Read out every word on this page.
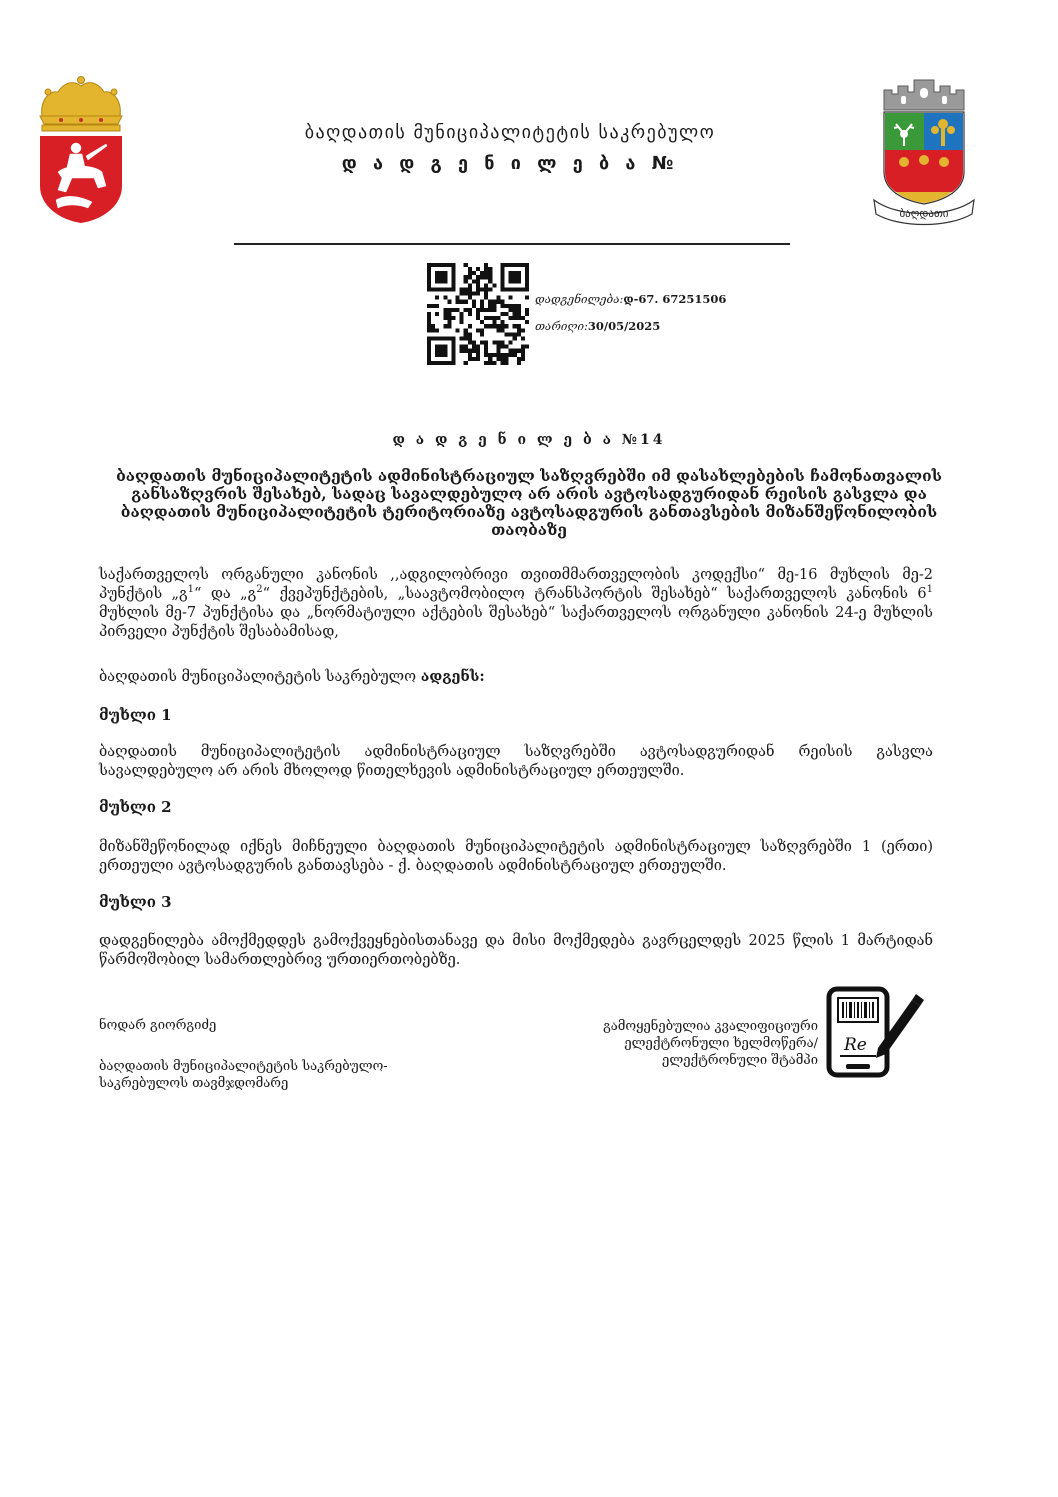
ბაღდათის მუნიციპალიტეტის საკრებულო
დ ა დ გ ე ნ ი ლ ე ბ ა №
ბაღდათი
დადგენილება:დ-67. 67251506
თარიღი:30/05/2025
დ ა დ გ ე ნ ი ლ ე ბ ა №14
ბაღდათის მუნიციპალიტეტის ადმინისტრაციულ საზღვრებში იმ დასახლებების ჩამონათვალის განსაზღვრის შესახებ, სადაც სავალდებულო არ არის ავტოსადგურიდან რეისის გასვლა და ბაღდათის მუნიციპალიტეტის ტერიტორიაზე ავტოსადგურის განთავსების მიზანშეწონილობის თაობაზე
საქართველოს ორგანული კანონის ,,ადგილობრივი თვითმმართველობის კოდექსი“ მე-16 მუხლის მე-2 პუნქტის „გ$^1$“ და „გ$^2$“ ქვეპუნქტების, „საავტომობილო ტრანსპორტის შესახებ“ საქართველოს კანონის $6^1$ მუხლის მე-7 პუნქტისა და „ნორმატიული აქტების შესახებ“ საქართველოს ორგანული კანონის 24-ე მუხლის პირველი პუნქტის შესაბამისად,
ბაღდათის მუნიციპალიტეტის საკრებულო ადგენს:
მუხლი 1
ბაღდათის მუნიციპალიტეტის ადმინისტრაციულ საზღვრებში ავტოსადგურიდან რეისის გასვლა სავალდებულო არ არის მხოლოდ წითელხევის ადმინისტრაციულ ერთეულში.
მუხლი 2
მიზანშეწონილად იქნეს მიჩნეული ბაღდათის მუნიციპალიტეტის ადმინისტრაციულ საზღვრებში 1 (ერთი) ერთეული ავტოსადგურის განთავსება - ქ. ბაღდათის ადმინისტრაციულ ერთეულში.
მუხლი 3
დადგენილება ამოქმედდეს გამოქვეყნებისთანავე და მისი მოქმედება გავრცელდეს 2025 წლის 1 მარტიდან წარმოშობილ სამართლებრივ ურთიერთობებზე.
ნოდარ გიორგიძე
ბაღდათის მუნიციპალიტეტის საკრებულო-
საკრებულოს თავმჯდომარე
გამოყენებულია კვალიფიციური
ელექტრონული ხელმოწერა/
ელექტრონული შტამპი
Re
